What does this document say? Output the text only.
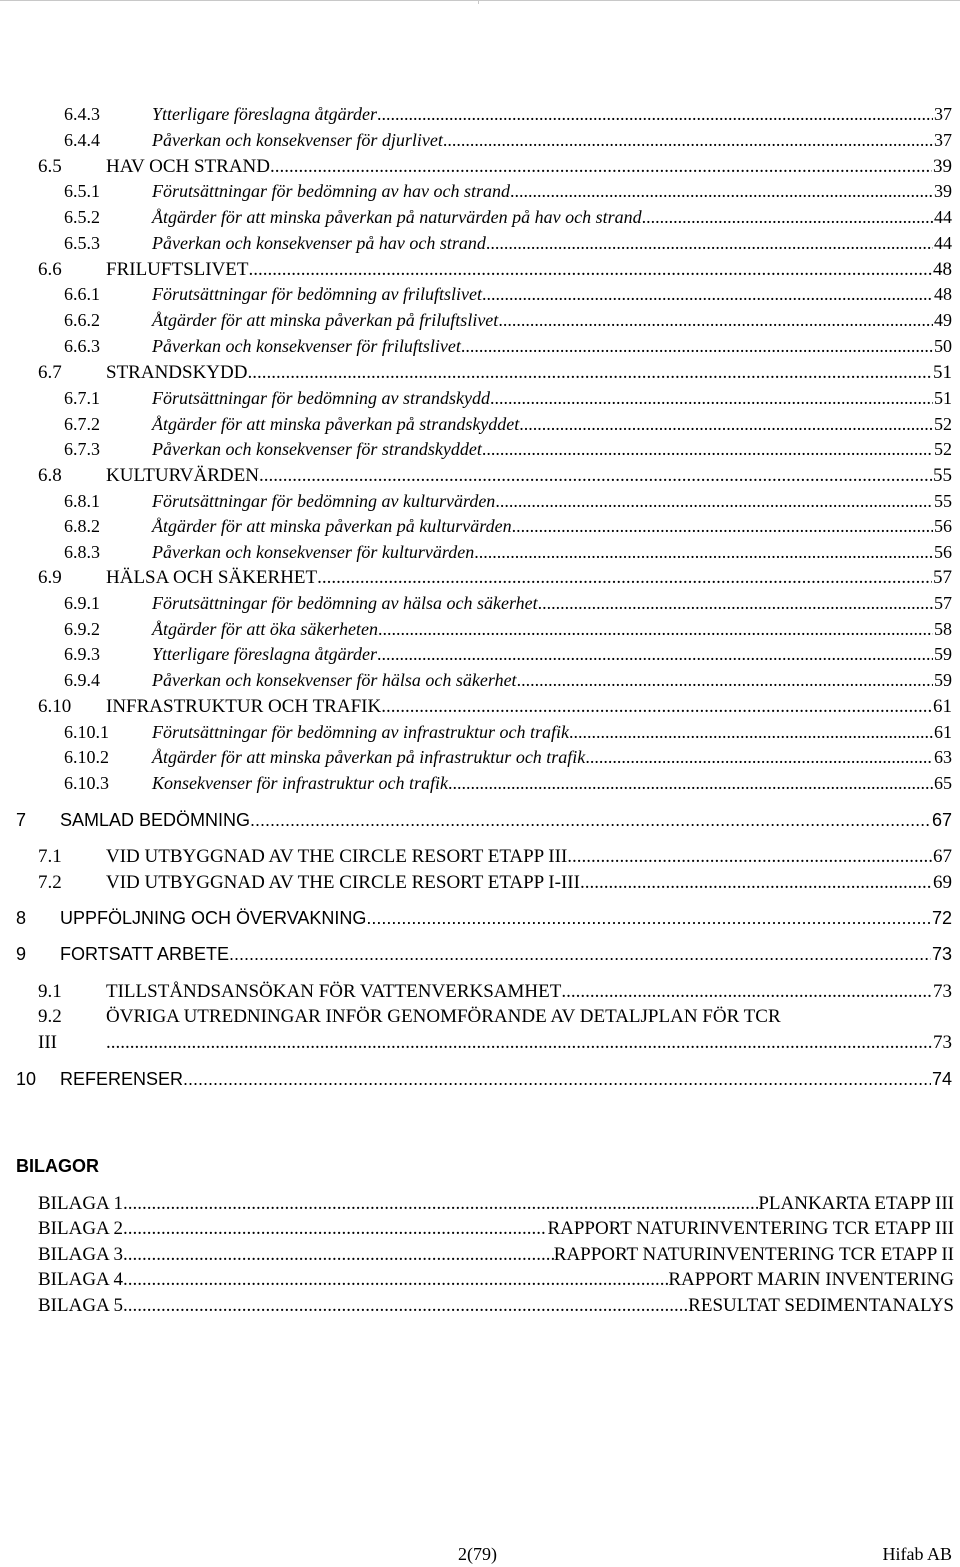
6.4.3	Ytterligare föreslagna åtgärder .....	37
6.4.4	Påverkan och konsekvenser för djurlivet .....	37
6.5	HAV OCH STRAND .....	39
6.5.1	Förutsättningar för bedömning av hav och strand .....	39
6.5.2	Åtgärder för att minska påverkan på naturvärden på hav och strand .....	44
6.5.3	Påverkan och konsekvenser på hav och strand .....	44
6.6	FRILUFTSLIVET .....	48
6.6.1	Förutsättningar för bedömning av friluftslivet .....	48
6.6.2	Åtgärder för att minska påverkan på friluftslivet .....	49
6.6.3	Påverkan och konsekvenser för friluftslivet .....	50
6.7	STRANDSKYDD .....	51
6.7.1	Förutsättningar för bedömning av strandskydd .....	51
6.7.2	Åtgärder för att minska påverkan på strandskyddet .....	52
6.7.3	Påverkan och konsekvenser för strandskyddet .....	52
6.8	KULTURVÄRDEN .....	55
6.8.1	Förutsättningar för bedömning av kulturvärden .....	55
6.8.2	Åtgärder för att minska påverkan på kulturvärden .....	56
6.8.3	Påverkan och konsekvenser för kulturvärden .....	56
6.9	HÄLSA OCH SÄKERHET .....	57
6.9.1	Förutsättningar för bedömning av hälsa och säkerhet .....	57
6.9.2	Åtgärder för att öka säkerheten .....	58
6.9.3	Ytterligare föreslagna åtgärder .....	59
6.9.4	Påverkan och konsekvenser för hälsa och säkerhet .....	59
6.10	INFRASTRUKTUR OCH TRAFIK .....	61
6.10.1	Förutsättningar för bedömning av infrastruktur och trafik .....	61
6.10.2	Åtgärder för att minska påverkan på infrastruktur och trafik .....	63
6.10.3	Konsekvenser för infrastruktur och trafik .....	65
7	SAMLAD BEDÖMNING .....	67
7.1	VID UTBYGGNAD AV THE CIRCLE RESORT ETAPP III .....	67
7.2	VID UTBYGGNAD AV THE CIRCLE RESORT ETAPP I-III .....	69
8	UPPFÖLJNING OCH ÖVERVAKNING .....	72
9	FORTSATT ARBETE .....	73
9.1	TILLSTÅNDSANSÖKAN FÖR VATTENVERKSAMHET .....	73
9.2	ÖVRIGA UTREDNINGAR INFÖR GENOMFÖRANDE AV DETALJPLAN FÖR TCR
III .....	73
10	REFERENSER .....	74
BILAGOR
BILAGA 1 .....	PLANKARTA ETAPP III
BILAGA 2 .....	RAPPORT NATURINVENTERING TCR ETAPP III
BILAGA 3 .....	RAPPORT NATURINVENTERING TCR ETAPP II
BILAGA 4 .....	RAPPORT MARIN INVENTERING
BILAGA 5 .....	RESULTAT SEDIMENTANALYS
2(79)	Hifab AB
